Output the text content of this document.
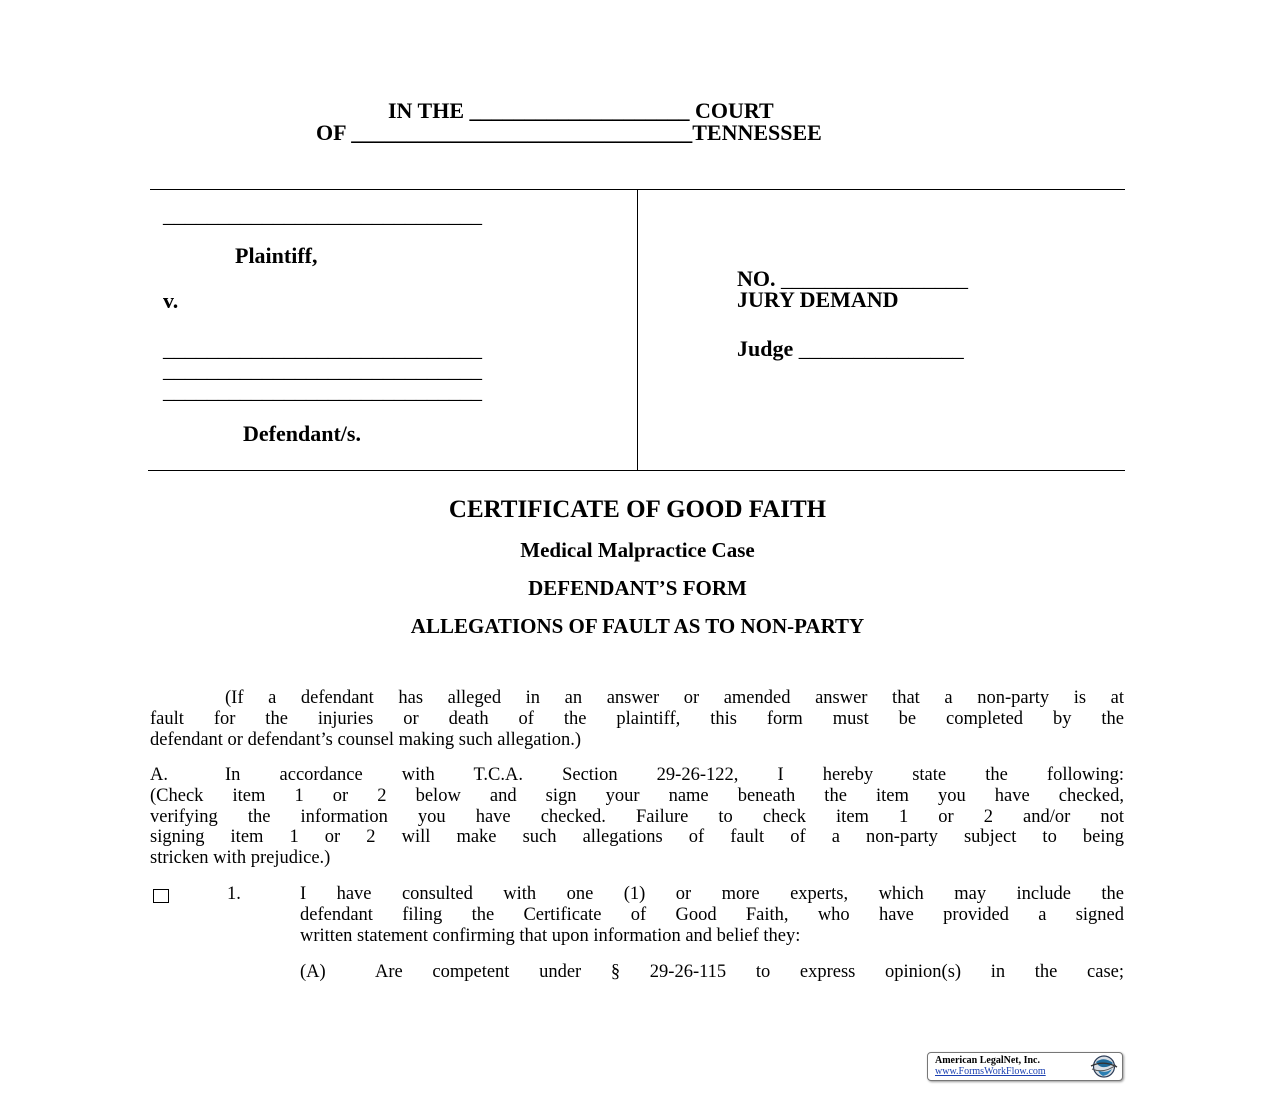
IN THE ____________________ COURT
OF _______________________________TENNESSEE
_____________________________
Plaintiff,
v.
_____________________________
_____________________________
_____________________________
Defendant/s.
NO. _________________
JURY DEMAND
Judge _______________
CERTIFICATE OF GOOD FAITH
Medical Malpractice Case
DEFENDANT’S FORM
ALLEGATIONS OF FAULT AS TO NON-PARTY
(If a defendant has alleged in an answer or amended answer that a non-party is at
fault for the injuries or death of the plaintiff, this form must be completed by the
defendant or defendant’s counsel making such allegation.)
A.	In accordance with T.C.A. Section 29-26-122, I hereby state the following:
(Check item 1 or 2 below and sign your name beneath the item you have checked,
verifying the information you have checked. Failure to check item 1 or 2 and/or not
signing item 1 or 2 will make such allegations of fault of a non-party subject to being
stricken with prejudice.)
1.	I have consulted with one (1) or more experts, which may include the
defendant filing the Certificate of Good Faith, who have provided a signed
written statement confirming that upon information and belief they:
(A)	Are competent under § 29-26-115 to express opinion(s) in the case;
American LegalNet, Inc.
www.FormsWorkFlow.com
